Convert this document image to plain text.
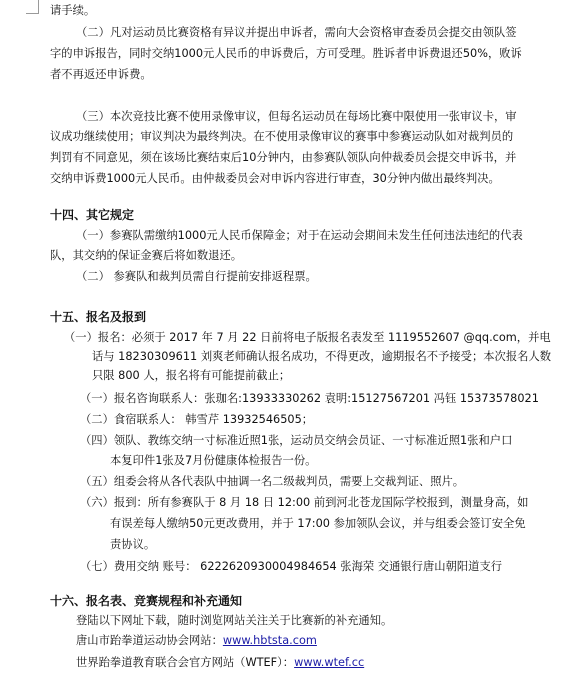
请手续。
（二）凡对运动员比赛资格有异议并提出申诉者，需向大会资格审查委员会提交由领队签
字的申诉报告，同时交纳1000元人民币的申诉费后，方可受理。胜诉者申诉费退还50%，败诉
者不再返还申诉费。
（三）本次竞技比赛不使用录像审议，但每名运动员在每场比赛中限使用一张审议卡，审
议成功继续使用；审议判决为最终判决。在不使用录像审议的赛事中参赛运动队如对裁判员的
判罚有不同意见，须在该场比赛结束后10分钟内，由参赛队领队向仲裁委员会提交申诉书，并
交纳申诉费1000元人民币。由仲裁委员会对申诉内容进行审查，30分钟内做出最终判决。
十四、其它规定
（一）参赛队需缴纳1000元人民币保障金；对于在运动会期间未发生任何违法违纪的代表
队，其交纳的保证金赛后将如数退还。
（二） 参赛队和裁判员需自行提前安排返程票。
十五、报名及报到
（一）报名：必须于 2017 年 7 月 22 日前将电子版报名表发至 1119552607 @qq.com，并电
话与 18230309611 刘爽老师确认报名成功，不得更改，逾期报名不予接受；本次报名人数
只限 800 人，报名将有可能提前截止；
（一）报名咨询联系人：张珈名:13933330262 袁明:15127567201 冯钰 15373578021
（二）食宿联系人： 韩雪芹 13932546505；
（四）领队、教练交纳一寸标准近照1张，运动员交纳会员证、一寸标准近照1张和户口
本复印件1张及7月份健康体检报告一份。
（五）组委会将从各代表队中抽调一名二级裁判员，需要上交裁判证、照片。
（六）报到：所有参赛队于 8 月 18 日 12:00 前到河北苍龙国际学校报到，测量身高，如
有误差每人缴纳50元更改费用，并于 17:00 参加领队会议，并与组委会签订安全免
责协议。
（七）费用交纳 账号： 6222620930004984654 张海荣 交通银行唐山朝阳道支行
十六、报名表、竞赛规程和补充通知
登陆以下网址下载，随时浏览网站关注关于比赛新的补充通知。
唐山市跆拳道运动协会网站：www.hbtsta.com
世界跆拳道教育联合会官方网站（WTEF）：www.wtef.cc
